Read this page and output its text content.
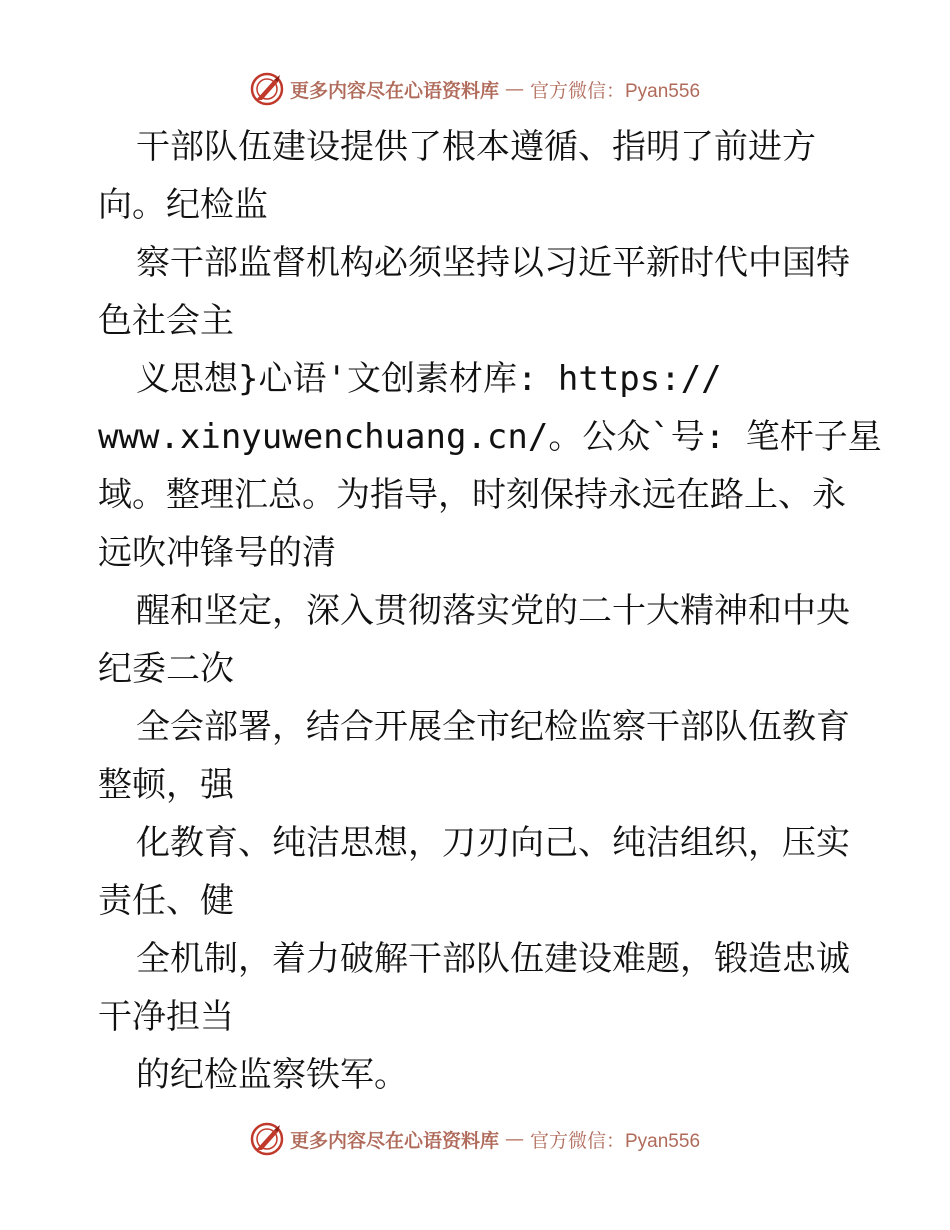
更多内容尽在心语资料库 — 官方微信：Pyan556
干部队伍建设提供了根本遵循、指明了前进方
向。纪检监
察干部监督机构必须坚持以习近平新时代中国特
色社会主
义思想}心语'文创素材库: https://
www.xinyuwenchuang.cn/。公众`号: 笔杆子星
域。整理汇总。为指导，时刻保持永远在路上、永
远吹冲锋号的清
醒和坚定，深入贯彻落实党的二十大精神和中央
纪委二次
全会部署，结合开展全市纪检监察干部队伍教育
整顿，强
化教育、纯洁思想，刀刃向己、纯洁组织，压实
责任、健
全机制，着力破解干部队伍建设难题，锻造忠诚
干净担当
的纪检监察铁军。
更多内容尽在心语资料库 — 官方微信：Pyan556
